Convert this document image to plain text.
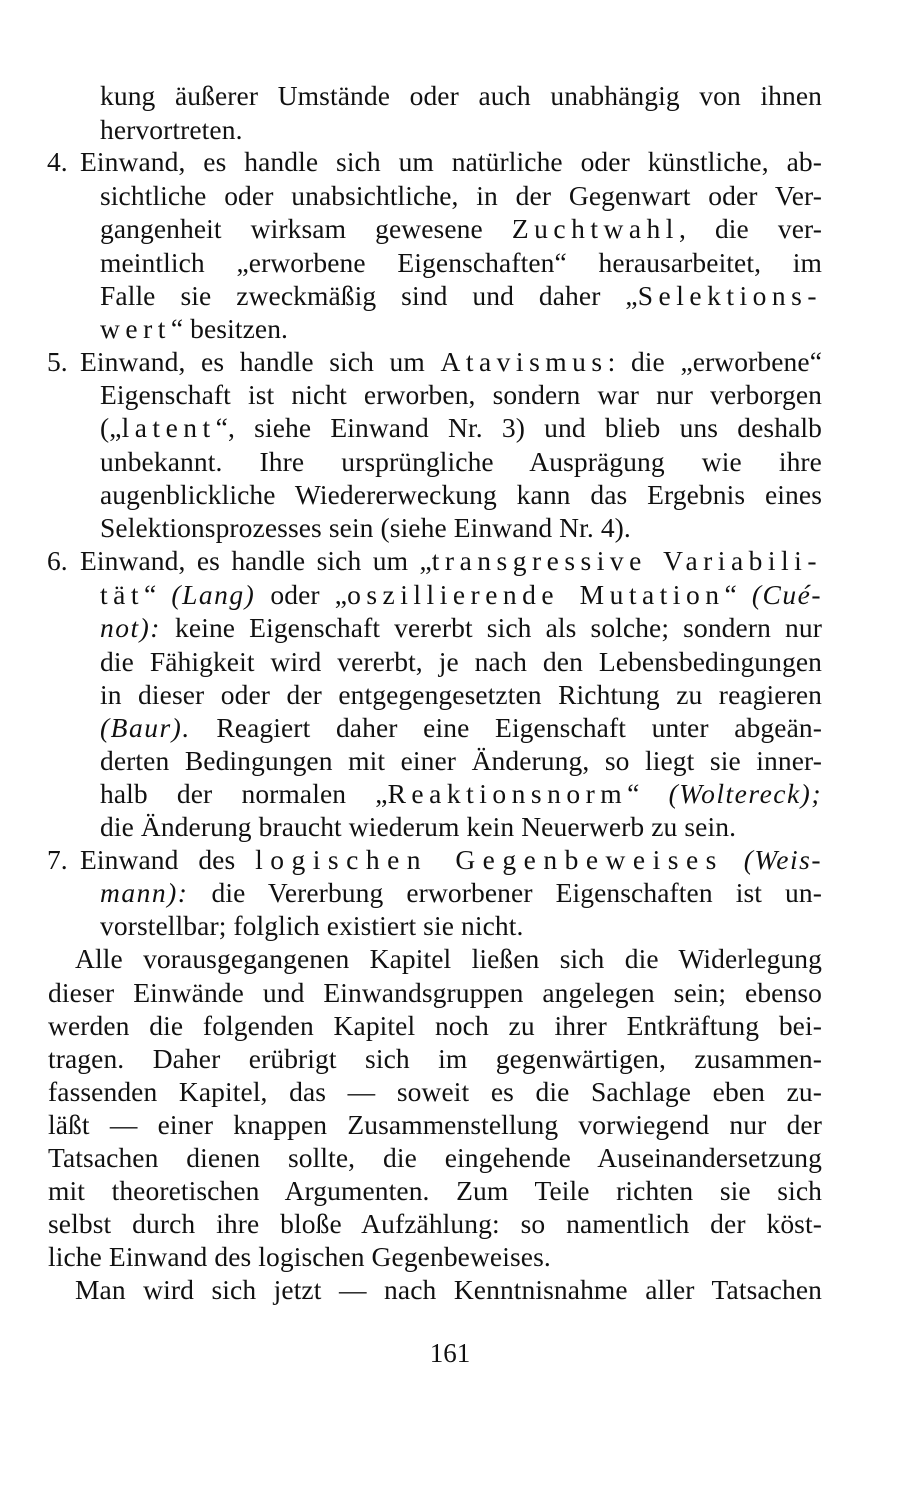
kung äußerer Umstände oder auch unabhängig von ihnen
hervortreten.
4. Einwand, es handle sich um natürliche oder künstliche, ab-
sichtliche oder unabsichtliche, in der Gegenwart oder Ver-
gangenheit wirksam gewesene Zuchtwahl, die ver-
meintlich „erworbene Eigenschaften“ herausarbeitet, im
Falle sie zweckmäßig sind und daher „Selektions-
wert“ besitzen.
5. Einwand, es handle sich um Atavismus: die „erworbene“
Eigenschaft ist nicht erworben, sondern war nur verborgen
(„latent“, siehe Einwand Nr. 3) und blieb uns deshalb
unbekannt. Ihre ursprüngliche Ausprägung wie ihre
augenblickliche Wiedererweckung kann das Ergebnis eines
Selektionsprozesses sein (siehe Einwand Nr. 4).
6. Einwand, es handle sich um „transgressive Variabili-
tät“ (Lang) oder „oszillierende Mutation“ (Cué-
not): keine Eigenschaft vererbt sich als solche; sondern nur
die Fähigkeit wird vererbt, je nach den Lebensbedingungen
in dieser oder der entgegengesetzten Richtung zu reagieren
(Baur). Reagiert daher eine Eigenschaft unter abgeän-
derten Bedingungen mit einer Änderung, so liegt sie inner-
halb der normalen „Reaktionsnorm“ (Woltereck);
die Änderung braucht wiederum kein Neuerwerb zu sein.
7. Einwand des logischen Gegenbeweises (Weis-
mann): die Vererbung erworbener Eigenschaften ist un-
vorstellbar; folglich existiert sie nicht.
Alle vorausgegangenen Kapitel ließen sich die Widerlegung
dieser Einwände und Einwandsgruppen angelegen sein; ebenso
werden die folgenden Kapitel noch zu ihrer Entkräftung bei-
tragen. Daher erübrigt sich im gegenwärtigen, zusammen-
fassenden Kapitel, das — soweit es die Sachlage eben zu-
läßt — einer knappen Zusammenstellung vorwiegend nur der
Tatsachen dienen sollte, die eingehende Auseinandersetzung
mit theoretischen Argumenten. Zum Teile richten sie sich
selbst durch ihre bloße Aufzählung: so namentlich der köst-
liche Einwand des logischen Gegenbeweises.
Man wird sich jetzt — nach Kenntnisnahme aller Tatsachen
161
